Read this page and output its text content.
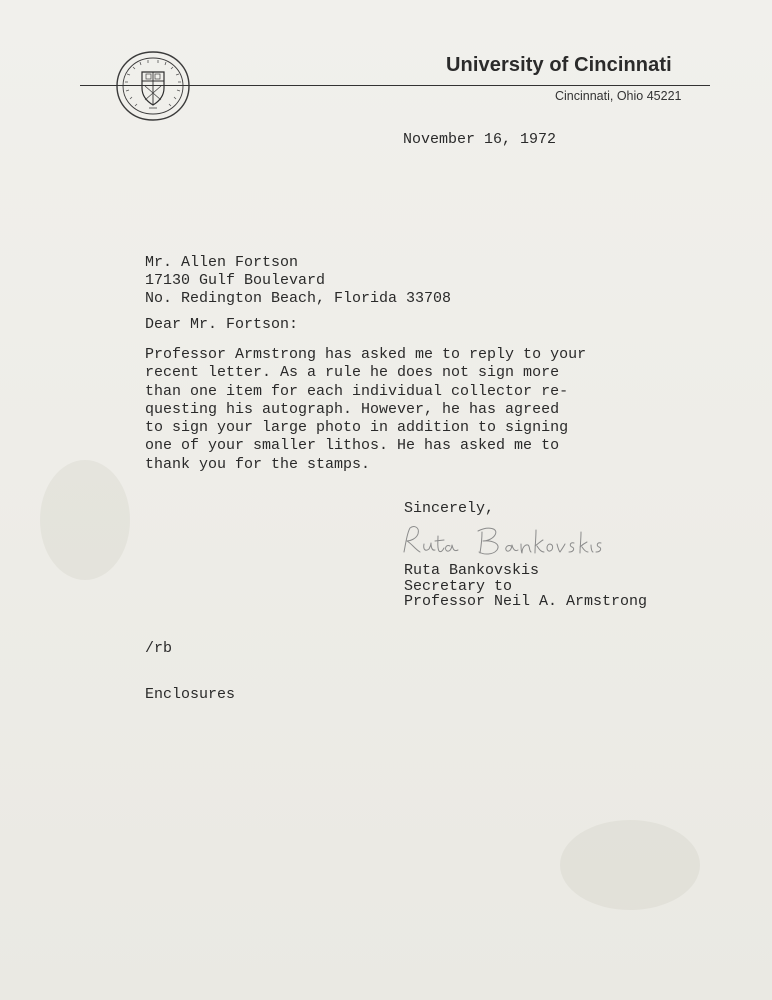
University of Cincinnati

Cincinnati, Ohio 45221

November 16, 1972

Mr. Allen Fortson
17130 Gulf Boulevard
No. Redington Beach, Florida 33708

Dear Mr. Fortson:

Professor Armstrong has asked me to reply to your
recent letter. As a rule he does not sign more
than one item for each individual collector re-
questing his autograph. However, he has agreed
to sign your large photo in addition to signing
one of your smaller lithos. He has asked me to
thank you for the stamps.

Sincerely,

Ruta Bankovskis
Secretary to
Professor Neil A. Armstrong

/rb

Enclosures
